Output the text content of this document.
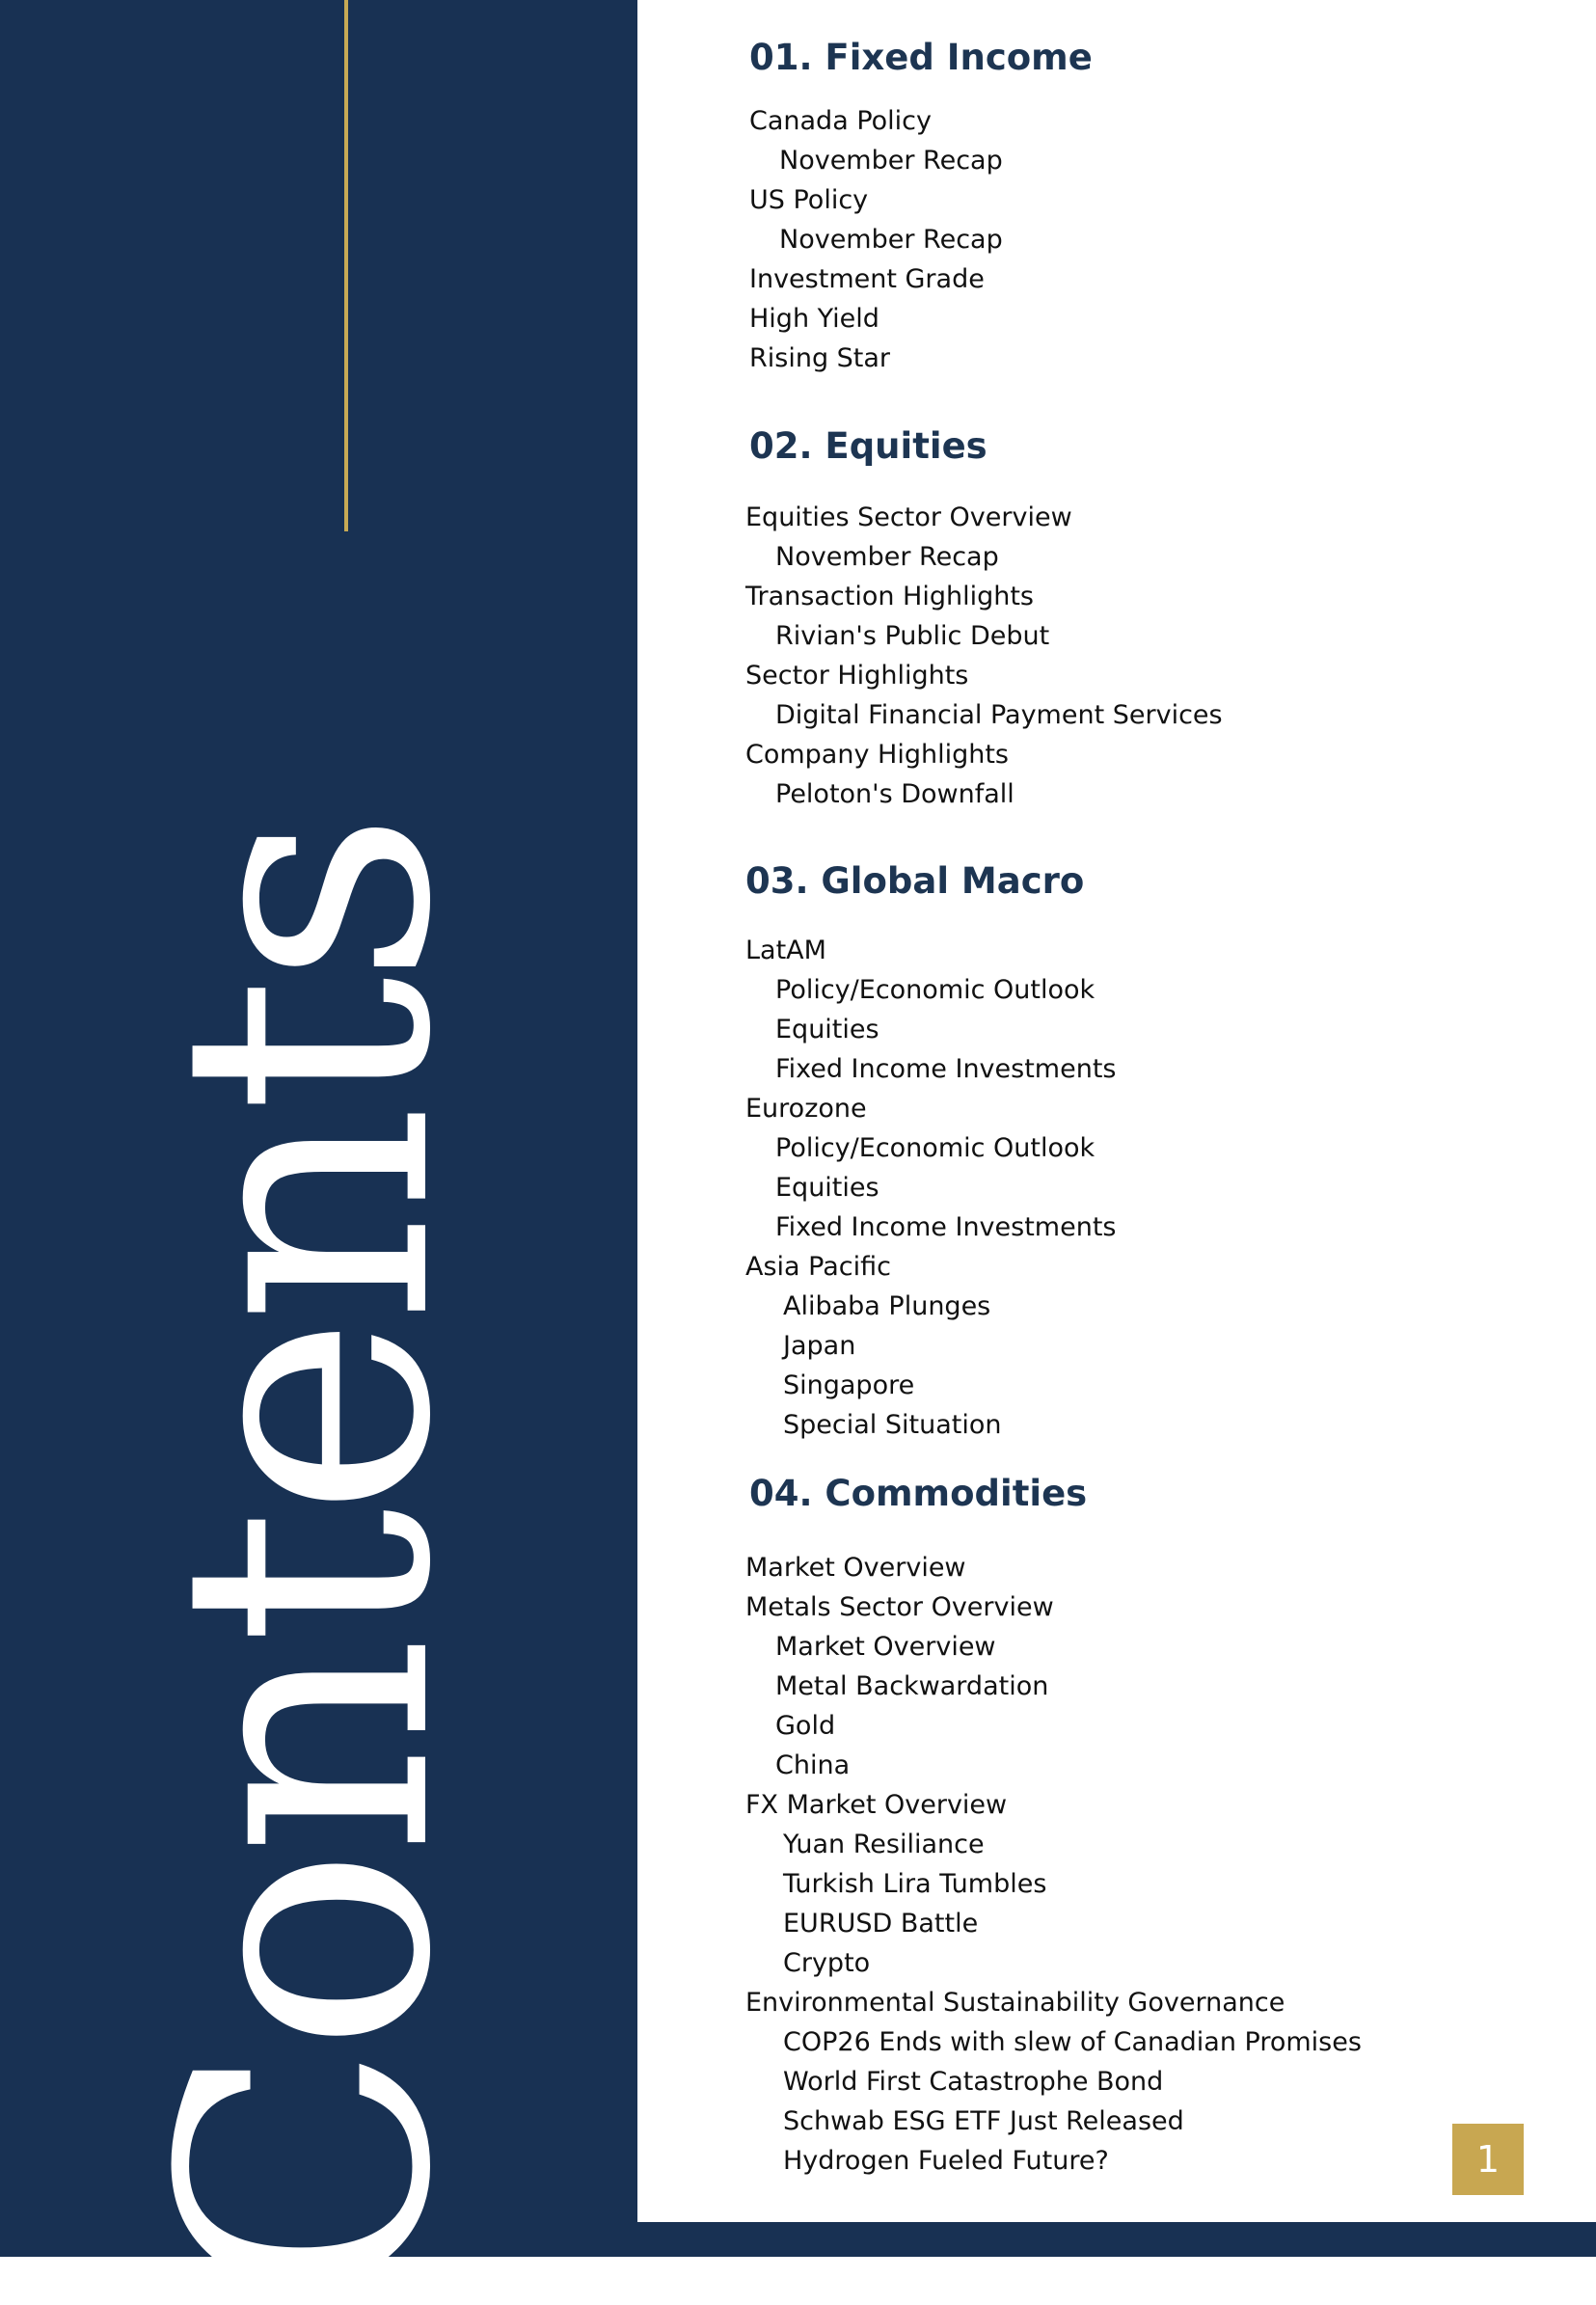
Contents
01. Fixed Income
Canada Policy
November Recap
US Policy
November Recap
Investment Grade
High Yield
Rising Star
02. Equities
Equities Sector Overview
November Recap
Transaction Highlights
Rivian's Public Debut
Sector Highlights
Digital Financial Payment Services
Company Highlights
Peloton's Downfall
03. Global Macro
LatAM
Policy/Economic Outlook
Equities
Fixed Income Investments
Eurozone
Policy/Economic Outlook
Equities
Fixed Income Investments
Asia Pacific
Alibaba Plunges
Japan
Singapore
Special Situation
04. Commodities
Market Overview
Metals Sector Overview
Market Overview
Metal Backwardation
Gold
China
FX Market Overview
Yuan Resiliance
Turkish Lira Tumbles
EURUSD Battle
Crypto
Environmental Sustainability Governance
COP26 Ends with slew of Canadian Promises
World First Catastrophe Bond
Schwab ESG ETF Just Released
Hydrogen Fueled Future?	1
